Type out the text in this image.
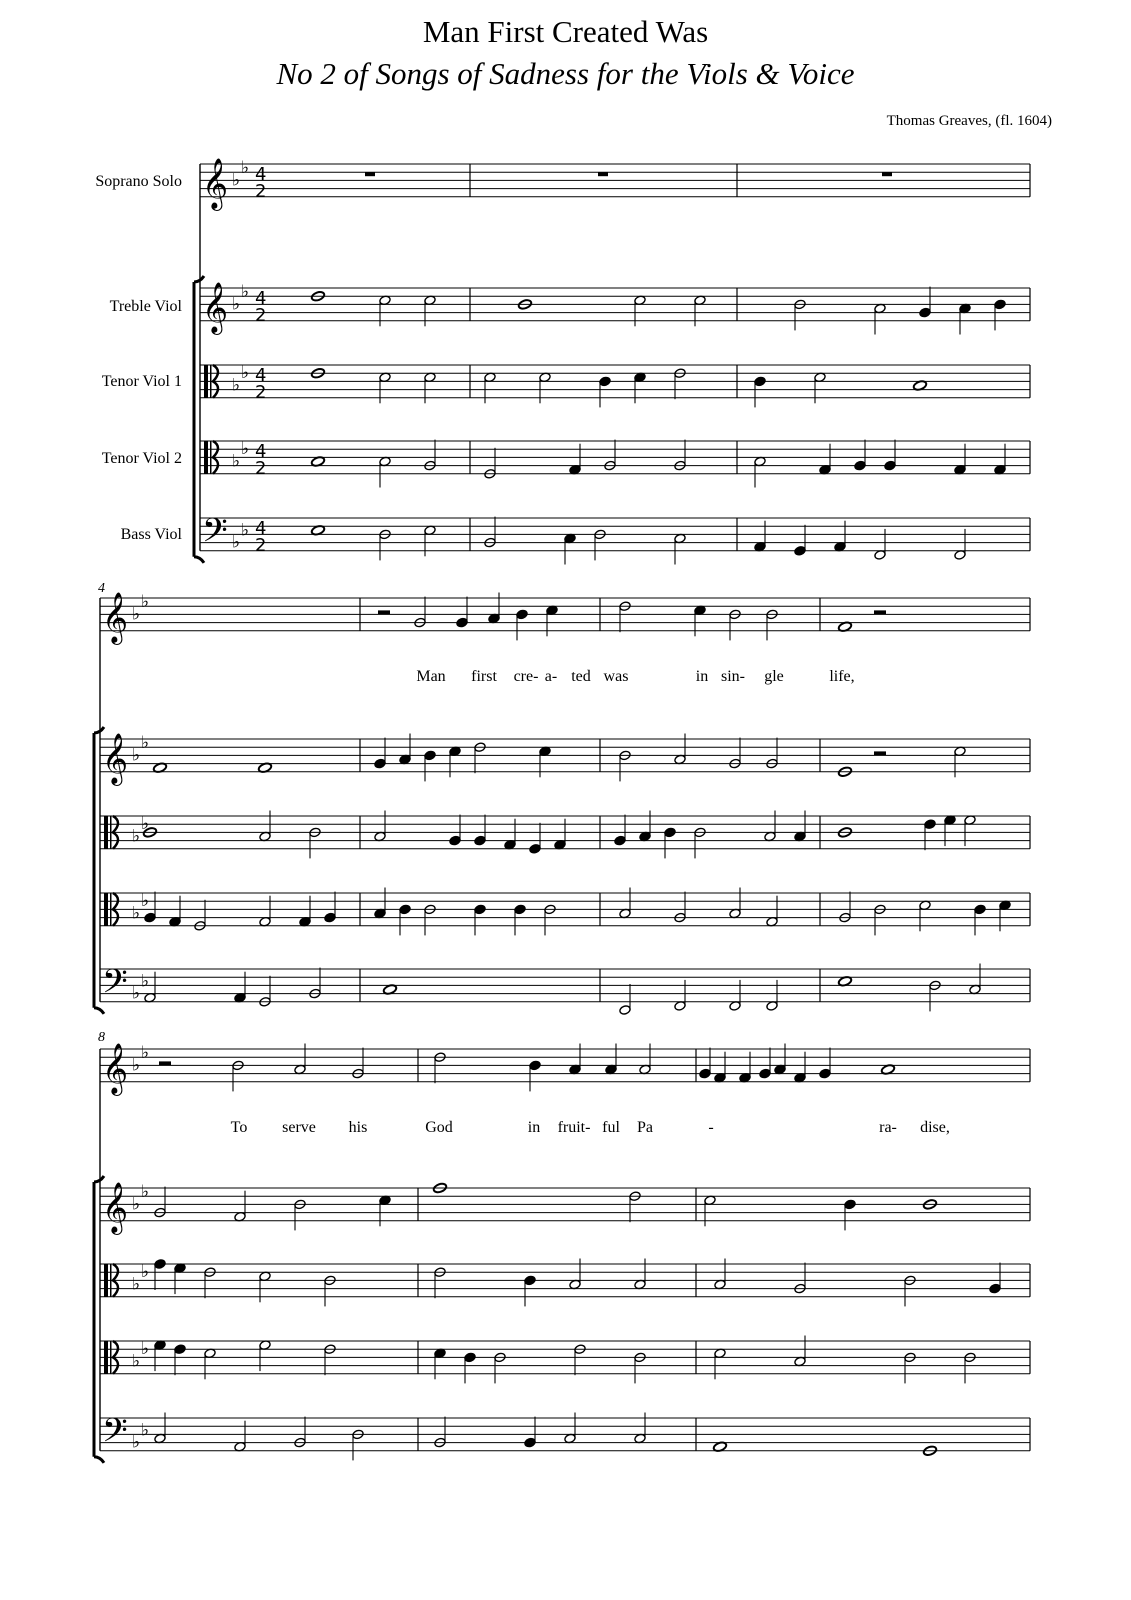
Man First Created Was
No 2 of Songs of Sadness for the Viols & Voice
Thomas Greaves, (fl. 1604)
Soprano Solo
Treble Viol
Tenor Viol 1
Tenor Viol 2
Bass Viol
4
8
Man first cre- a- ted was	in sin- gle	life,
To serve his	God	in fruit- ful Pa	-	ra- dise,
𝄞 ♭
♭ 4
2
𝄞 ♭
♭ 4
2
♭
♭ 4
2
♭
♭ 4
2
𝄢 ♭
♭ 4
2
𝄞 ♭
♭
𝄞 ♭
♭
♭
♭
♭
♭
𝄢 ♭
♭
𝄞 ♭
♭
𝄞 ♭
♭
♭
♭
♭
♭
𝄢 ♭
♭
